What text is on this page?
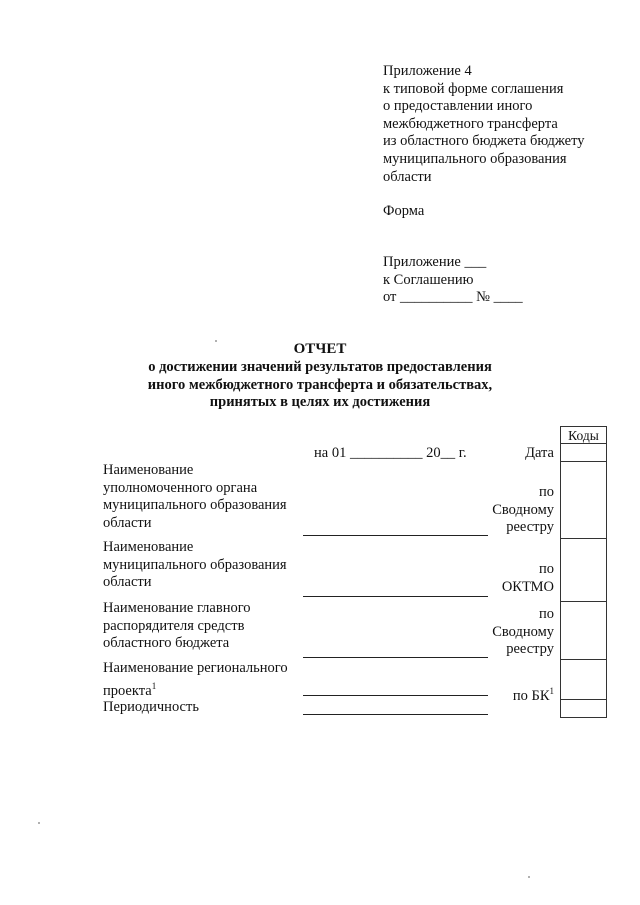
Приложение 4
к типовой форме соглашения
о предоставлении иного
межбюджетного трансферта
из областного бюджета бюджету
муниципального образования
области
Форма
Приложение ___
к Соглашению
от __________ № ____
ОТЧЕТ
о достижении значений результатов предоставления
иного межбюджетного трансферта и обязательствах,
принятых в целях их достижения
на 01 __________ 20__ г.	Дата
Наименование
уполномоченного органа
муниципального образования
области
по
Сводному
реестру
Наименование
муниципального образования
области
по
ОКТМО
Наименование главного
распорядителя средств
областного бюджета
по
Сводному
реестру
Наименование регионального
проекта$^1$
по $БК^1$
Периодичность
Коды
